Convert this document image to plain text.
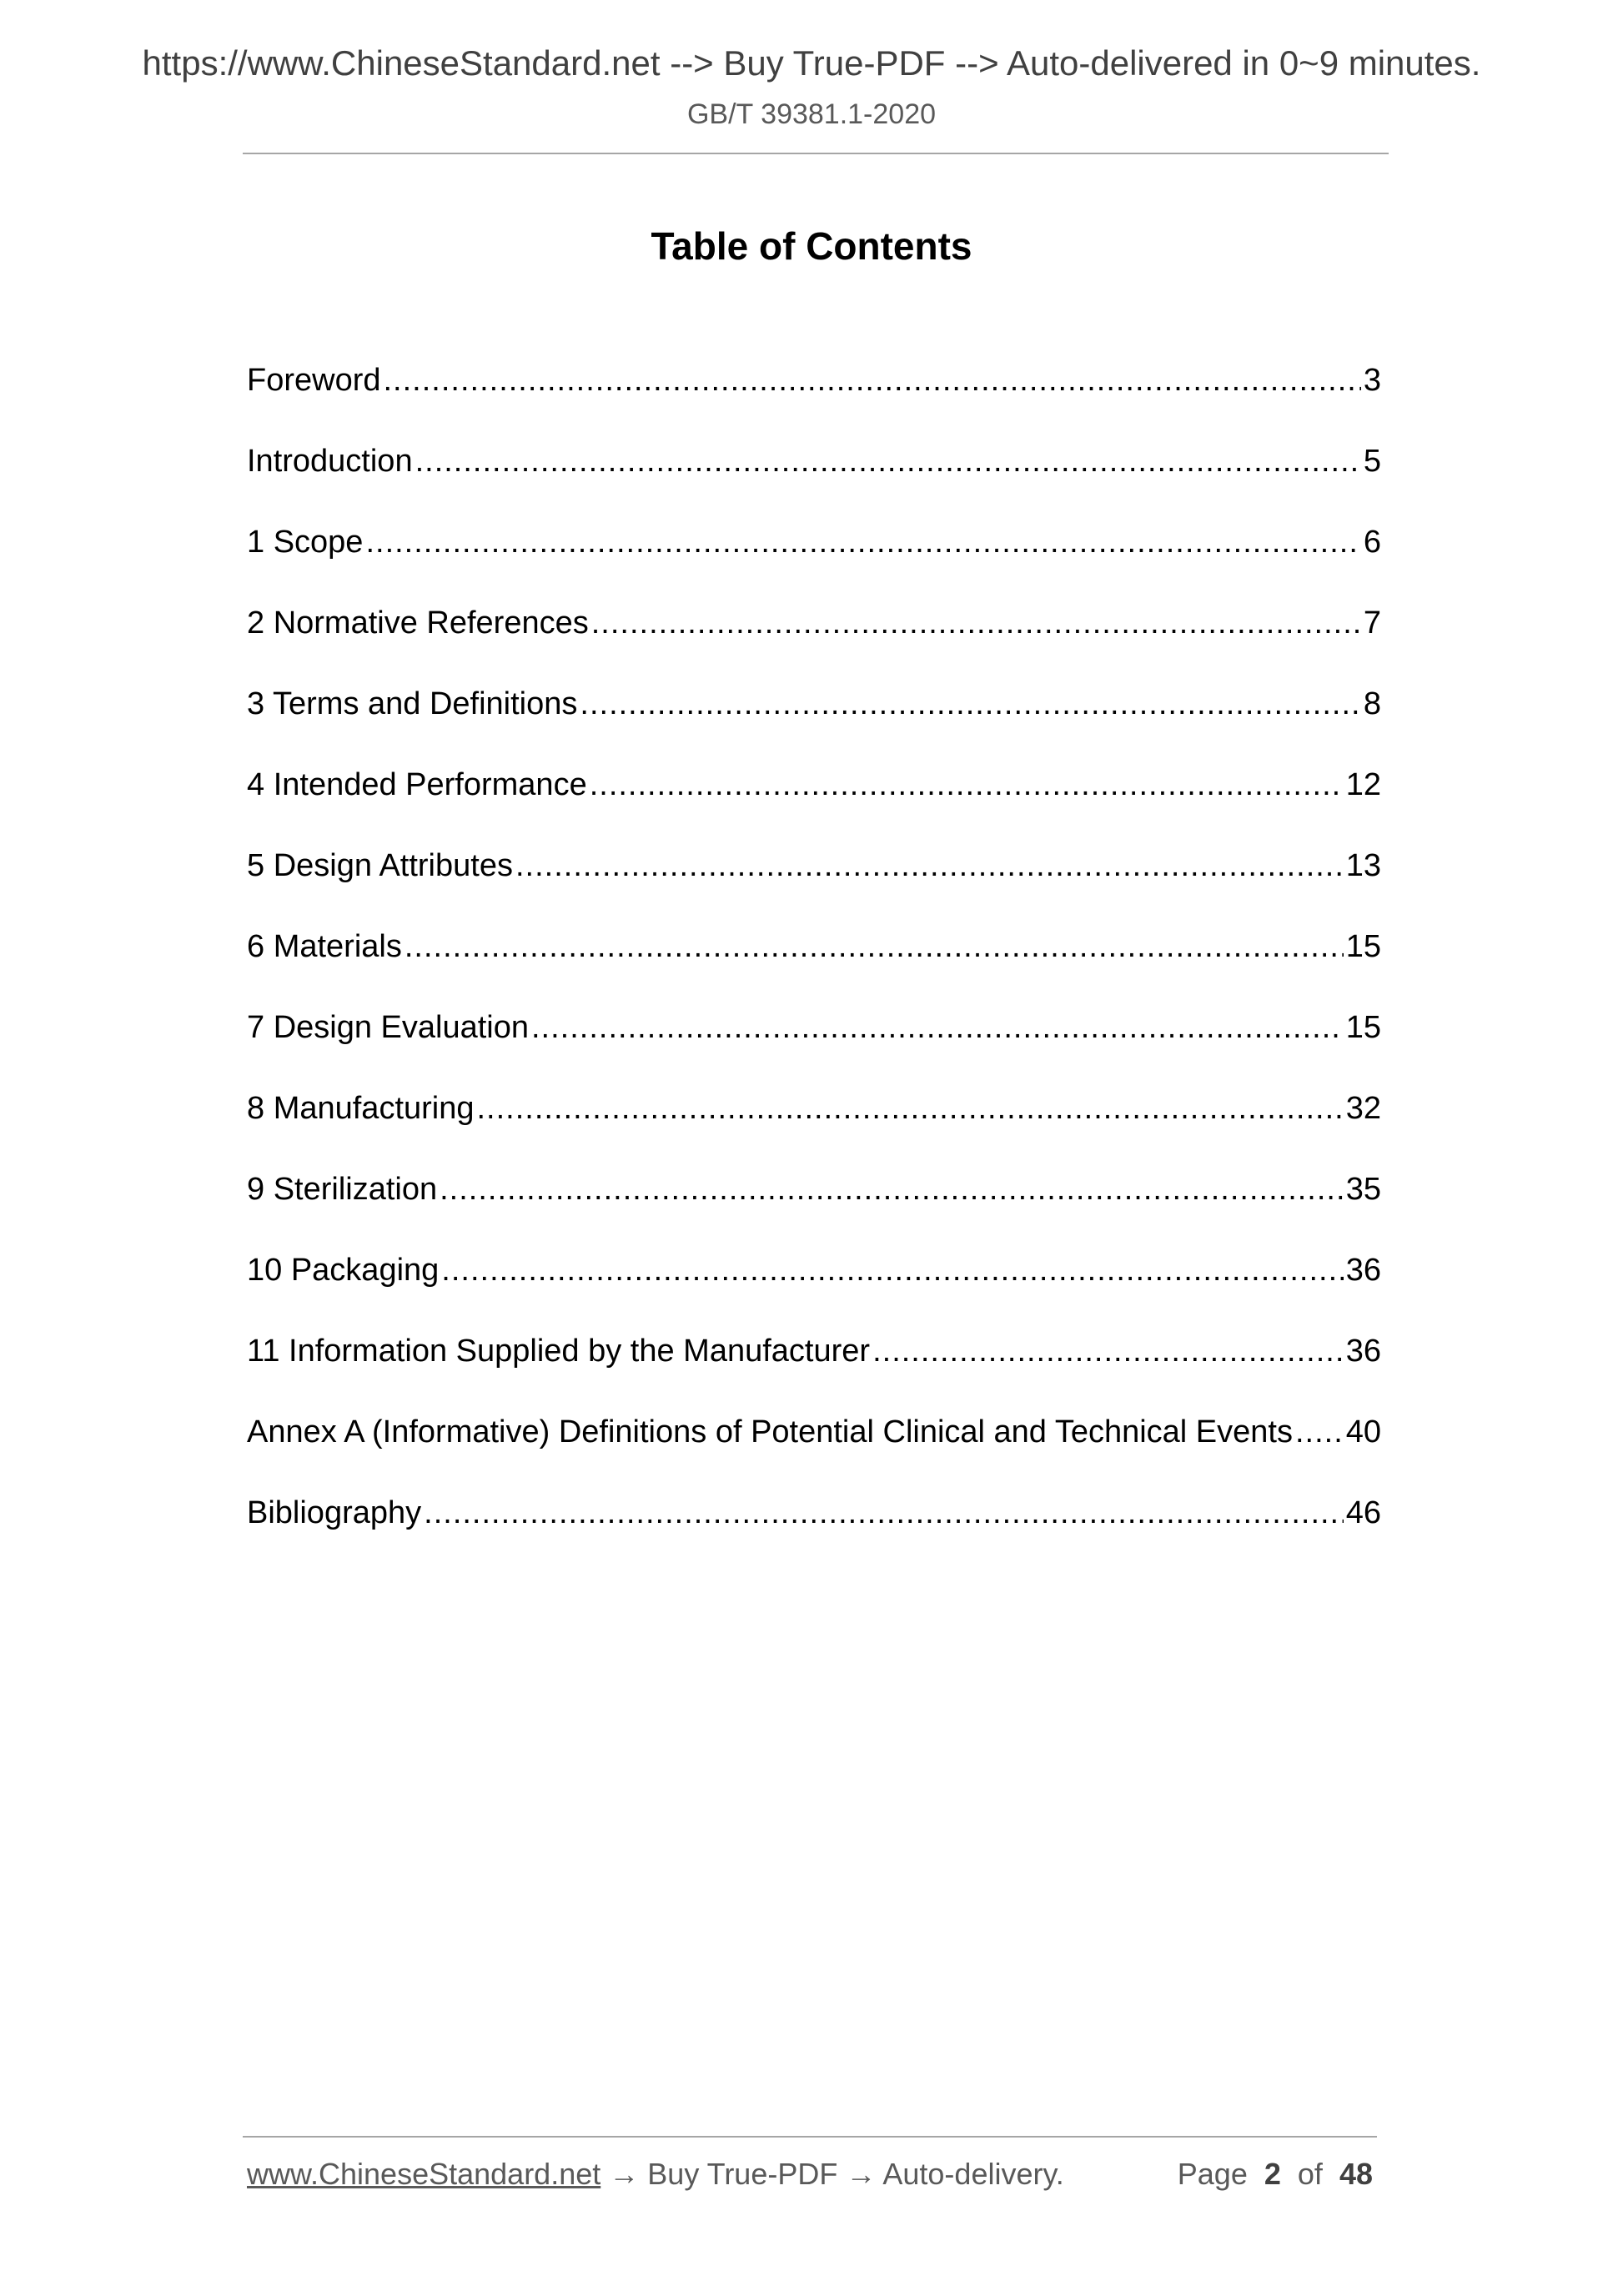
https://www.ChineseStandard.net --> Buy True-PDF --> Auto-delivered in 0~9 minutes.
GB/T 39381.1-2020
Table of Contents
Foreword .....	3
Introduction .....	5
1 Scope .....	6
2 Normative References .....	7
3 Terms and Definitions .....	8
4 Intended Performance .....	12
5 Design Attributes .....	13
6 Materials .....	15
7 Design Evaluation .....	15
8 Manufacturing .....	32
9 Sterilization .....	35
10 Packaging .....	36
11 Information Supplied by the Manufacturer .....	36
Annex A (Informative) Definitions of Potential Clinical and Technical Events ..... 40
Bibliography .....	46
www.ChineseStandard.net → Buy True-PDF → Auto-delivery.	Page 2 of 48
